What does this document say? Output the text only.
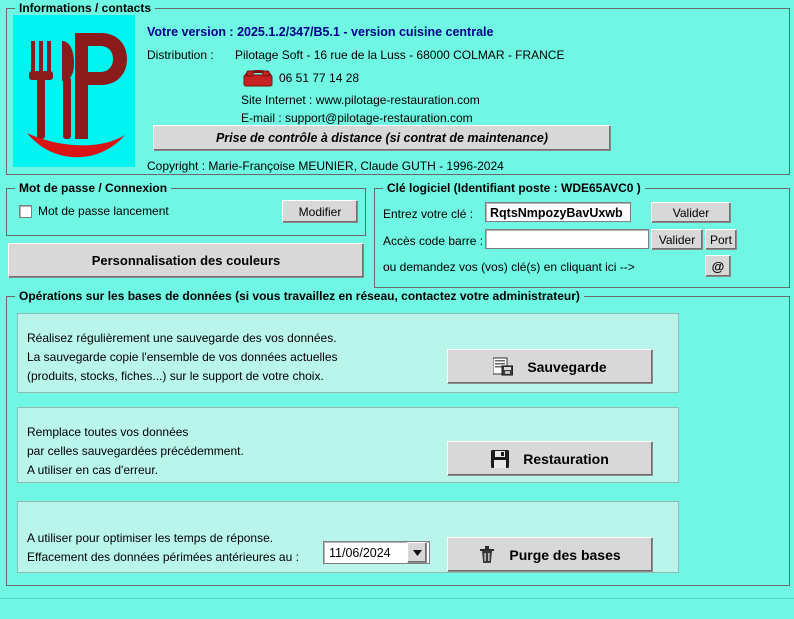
Informations / contacts
Votre version : 2025.1.2/347/B5.1 - version cuisine centrale
Distribution : Pilotage Soft - 16 rue de la Luss - 68000 COLMAR - FRANCE
06 51 77 14 28
Site Internet : www.pilotage-restauration.com
E-mail : support@pilotage-restauration.com
Prise de contrôle à distance (si contrat de maintenance)
Copyright : Marie-Françoise MEUNIER, Claude GUTH - 1996-2024
Mot de passe / Connexion
Mot de passe lancement	Modifier
Personnalisation des couleurs
Clé logiciel (Identifiant poste : WDE65AVC0 )
Entrez votre clé :	RqtsNmpozyBavUxwb	Valider
Accès code barre :	Valider	Port
ou demandez vos (vos) clé(s) en cliquant ici -->	@
Opérations sur les bases de données (si vous travaillez en réseau, contactez votre administrateur)
Réalisez régulièrement une sauvegarde des vos données.
La sauvegarde copie l'ensemble de vos données actuelles
(produits, stocks, fiches...) sur le support de votre choix.
Remplace toutes vos données
par celles sauvegardées précédemment.
A utiliser en cas d'erreur.
A utiliser pour optimiser les temps de réponse.
Effacement des données périmées antérieures au :
Sauvegarde
Restauration
Purge des bases
11/06/2024
